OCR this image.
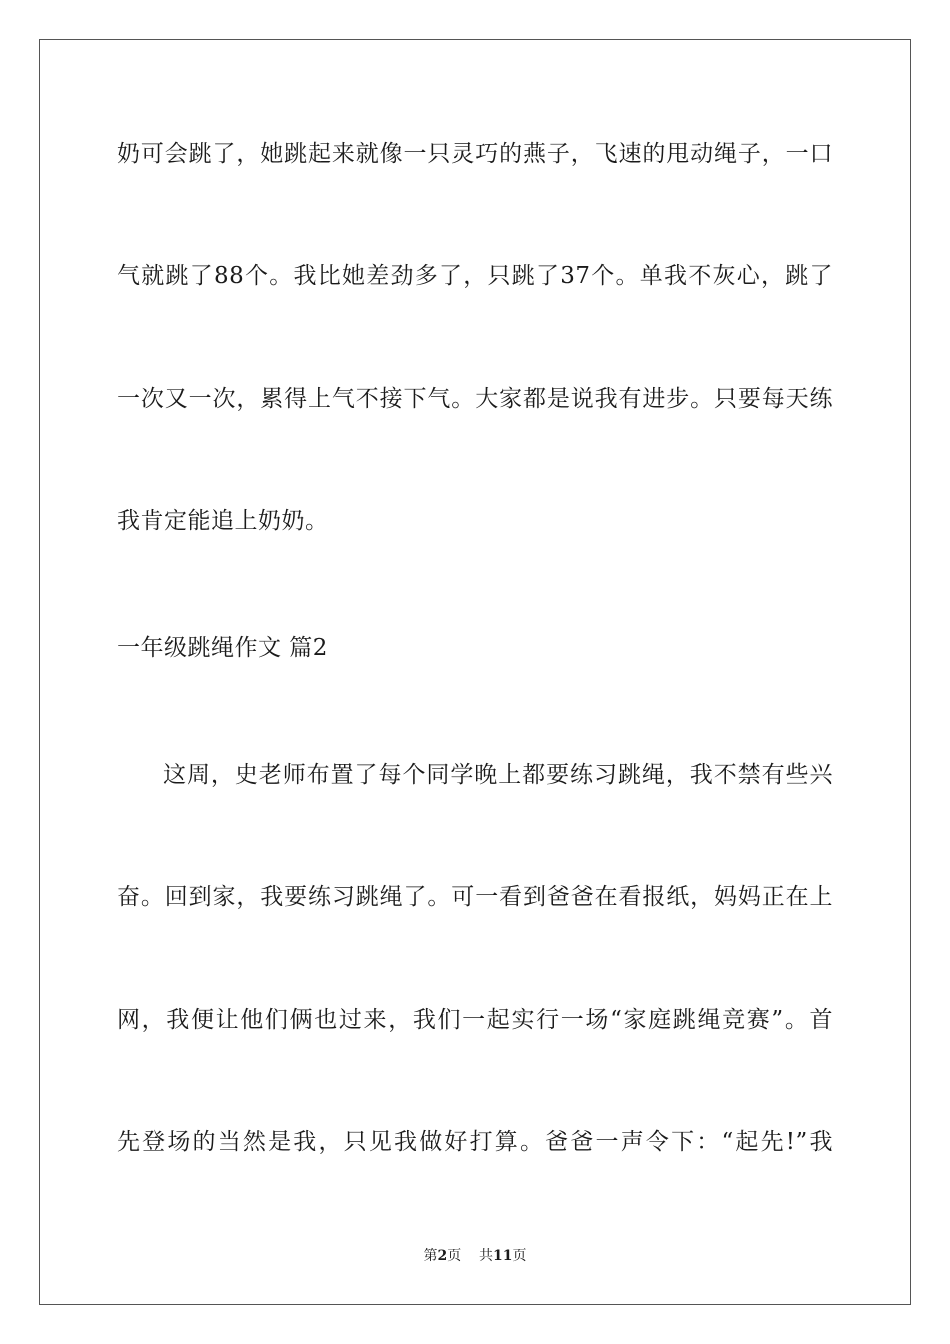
奶可会跳了，她跳起来就像一只灵巧的燕子，飞速的甩动绳子，一口
气就跳了88个。我比她差劲多了，只跳了37个。单我不灰心，跳了
一次又一次，累得上气不接下气。大家都是说我有进步。只要每天练
我肯定能追上奶奶。
一年级跳绳作文 篇2
这周，史老师布置了每个同学晚上都要练习跳绳，我不禁有些兴
奋。回到家，我要练习跳绳了。可一看到爸爸在看报纸，妈妈正在上
网，我便让他们俩也过来，我们一起实行一场“家庭跳绳竞赛”。首
先登场的当然是我，只见我做好打算。爸爸一声令下：“起先!”我
第2页 共11页
